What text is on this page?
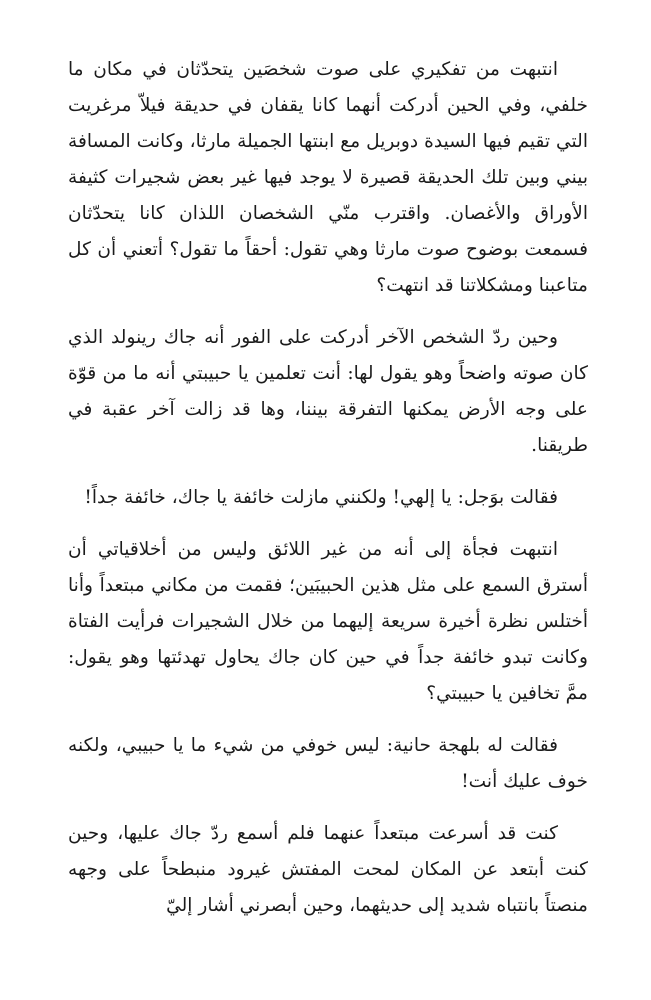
انتبهت من تفكيري على صوت شخصَين يتحدّثان في مكان ما خلفي، وفي الحين أدركت أنهما كانا يقفان في حديقة فيلاّ مرغريت التي تقيم فيها السيدة دوبريل مع ابنتها الجميلة مارثا، وكانت المسافة بيني وبين تلك الحديقة قصيرة لا يوجد فيها غير بعض شجيرات كثيفة الأوراق والأغصان. واقترب منّي الشخصان اللذان كانا يتحدّثان فسمعت بوضوح صوت مارثا وهي تقول: أحقاً ما تقول؟ أتعني أن كل متاعبنا ومشكلاتنا قد انتهت؟

وحين ردّ الشخص الآخر أدركت على الفور أنه جاك رينولد الذي كان صوته واضحاً وهو يقول لها: أنت تعلمين يا حبيبتي أنه ما من قوّة على وجه الأرض يمكنها التفرقة بيننا، وها قد زالت آخر عقبة في طريقنا.

فقالت بوَجل: يا إلهي! ولكنني مازلت خائفة يا جاك، خائفة جداً!

انتبهت فجأة إلى أنه من غير اللائق وليس من أخلاقياتي أن أسترق السمع على مثل هذين الحبيبَين؛ فقمت من مكاني مبتعداً وأنا أختلس نظرة أخيرة سريعة إليهما من خلال الشجيرات فرأيت الفتاة وكانت تبدو خائفة جداً في حين كان جاك يحاول تهدئتها وهو يقول: ممَّ تخافين يا حبيبتي؟

فقالت له بلهجة حانية: ليس خوفي من شيء ما يا حبيبي، ولكنه خوف عليك أنت!

كنت قد أسرعت مبتعداً عنهما فلم أسمع ردّ جاك عليها، وحين كنت أبتعد عن المكان لمحت المفتش غيرود منبطحاً على وجهه منصتاً بانتباه شديد إلى حديثهما، وحين أبصرني أشار إليّ
